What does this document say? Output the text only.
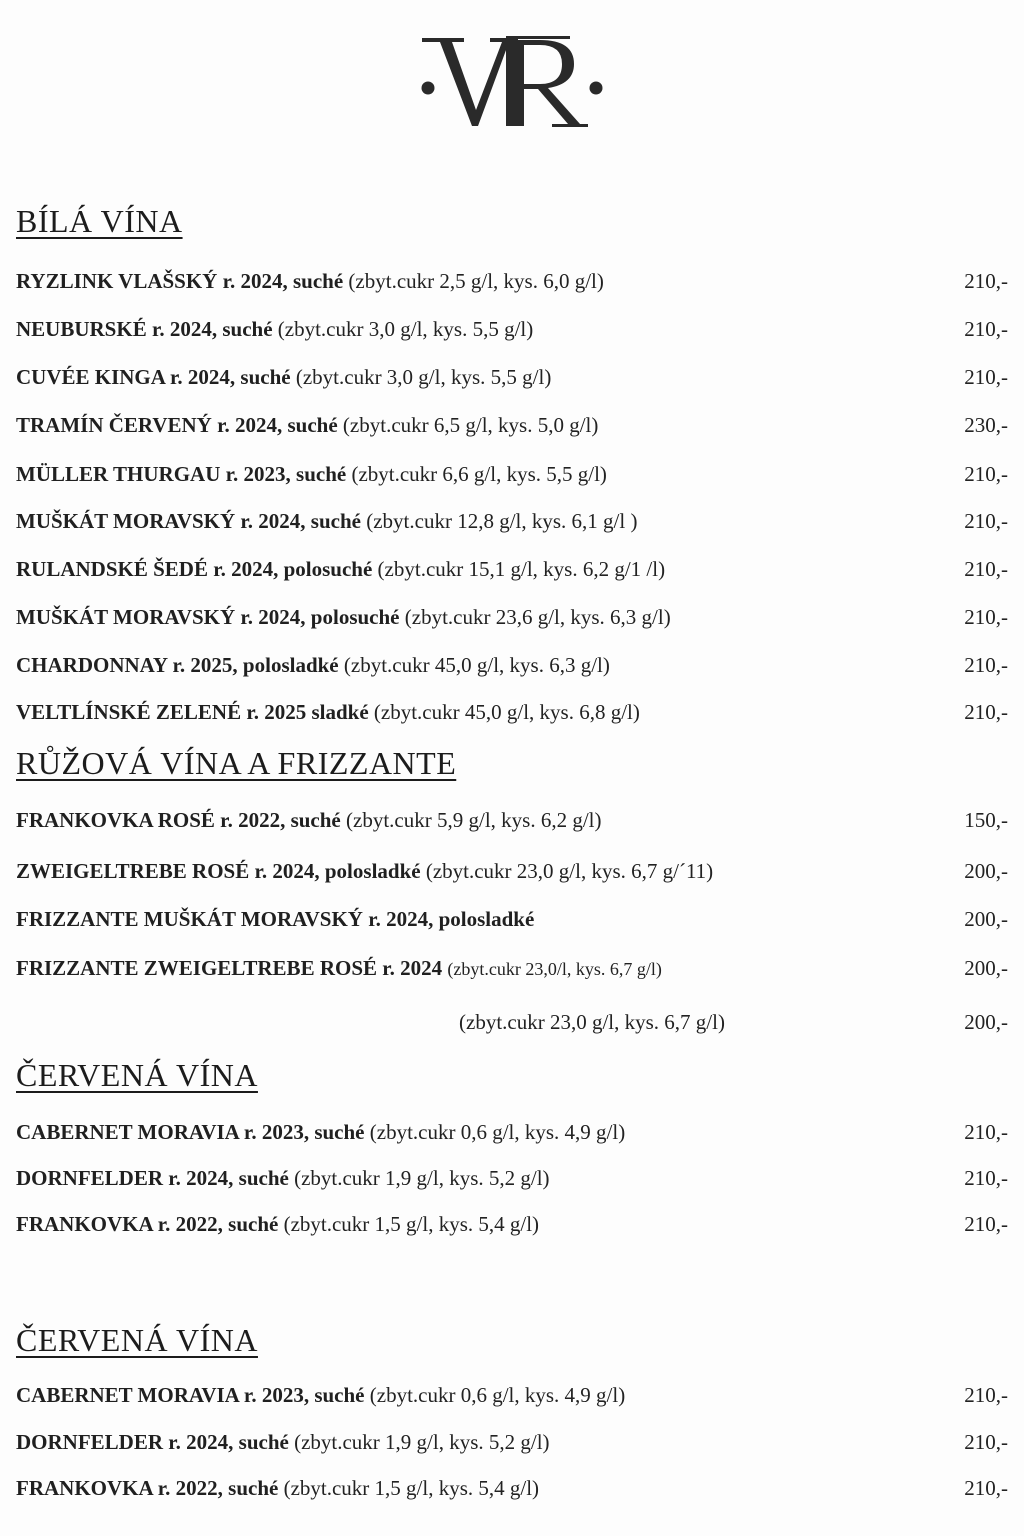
BÍLÁ VÍNA
RYZLINK VLAŠSKÝ r. 2024, suché (zbyt.cukr 2,5 g/l, kys. 6,0 g/l)	210,-
NEUBURSKÉ r. 2024, suché (zbyt.cukr 3,0 g/l, kys. 5,5 g/l)	210,-
CUVÉE KINGA r. 2024, suché (zbyt.cukr 3,0 g/l, kys. 5,5 g/l)	210,-
TRAMÍN ČERVENÝ r. 2024, suché (zbyt.cukr 6,5 g/l, kys. 5,0 g/l)	230,-
MÜLLER THURGAU r. 2023, suché (zbyt.cukr 6,6 g/l, kys. 5,5 g/l)	210,-
MUŠKÁT MORAVSKÝ r. 2024, suché (zbyt.cukr 12,8 g/l, kys. 6,1 g/l )	210,-
RULANDSKÉ ŠEDÉ r. 2024, polosuché (zbyt.cukr 15,1 g/l, kys. 6,2 g/1 /l)	210,-
MUŠKÁT MORAVSKÝ r. 2024, polosuché (zbyt.cukr 23,6 g/l, kys. 6,3 g/l)	210,-
CHARDONNAY r. 2025, polosladké (zbyt.cukr 45,0 g/l, kys. 6,3 g/l)	210,-
VELTLÍNSKÉ ZELENÉ r. 2025 sladké (zbyt.cukr 45,0 g/l, kys. 6,8 g/l)	210,-
RŮŽOVÁ VÍNA A FRIZZANTE
FRANKOVKA ROSÉ r. 2022, suché (zbyt.cukr 5,9 g/l, kys. 6,2 g/l)	150,-
ZWEIGELTREBE ROSÉ r. 2024, polosladké (zbyt.cukr 23,0 g/l, kys. 6,7 g/´11)	200,-
FRIZZANTE MUŠKÁT MORAVSKÝ r. 2024, polosladké	200,-
FRIZZANTE ZWEIGELTREBE ROSÉ r. 2024 (zbyt.cukr 23,0/l, kys. 6,7 g/l)	200,-
(zbyt.cukr 23,0 g/l, kys. 6,7 g/l)	200,-
ČERVENÁ VÍNA
CABERNET MORAVIA r. 2023, suché (zbyt.cukr 0,6 g/l, kys. 4,9 g/l)	210,-
DORNFELDER r. 2024, suché (zbyt.cukr 1,9 g/l, kys. 5,2 g/l)	210,-
FRANKOVKA r. 2022, suché (zbyt.cukr 1,5 g/l, kys. 5,4 g/l)	210,-
ČERVENÁ VÍNA
CABERNET MORAVIA r. 2023, suché (zbyt.cukr 0,6 g/l, kys. 4,9 g/l)	210,-
DORNFELDER r. 2024, suché (zbyt.cukr 1,9 g/l, kys. 5,2 g/l)	210,-
FRANKOVKA r. 2022, suché (zbyt.cukr 1,5 g/l, kys. 5,4 g/l)	210,-
